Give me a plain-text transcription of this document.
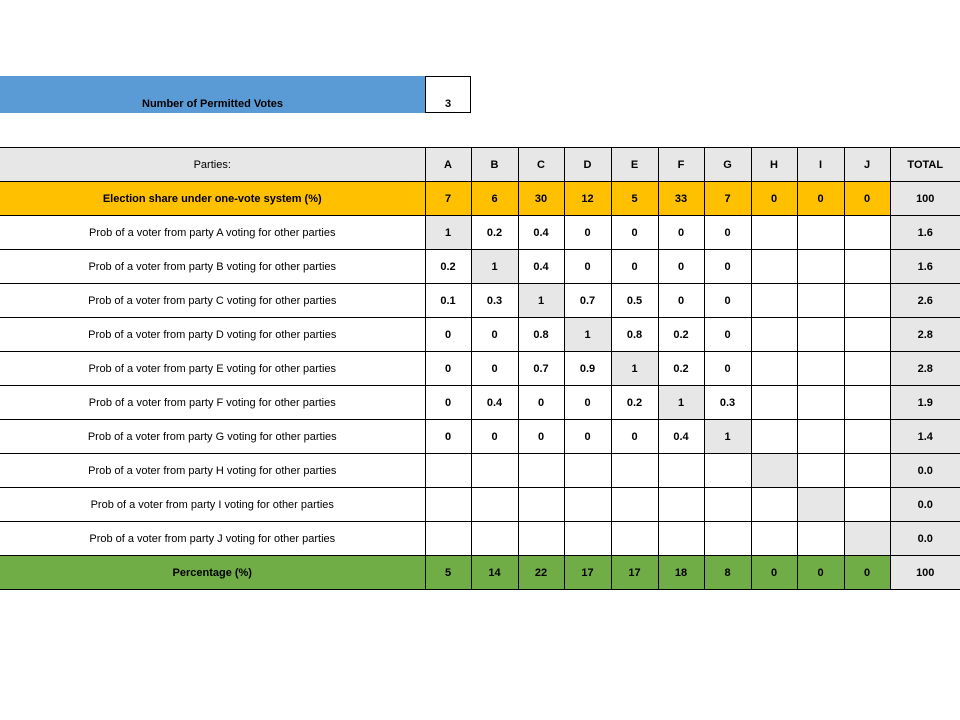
Number of Permitted Votes	3
Parties:	A	B	C	D	E	F	G	H	I	J	TOTAL
Election share under one-vote system (%)	7	6	30	12	5	33	7	0	0	0	100
Prob of a voter from party A voting for other parties	1	0.2	0.4	0	0	0	0				1.6
Prob of a voter from party B voting for other parties	0.2	1	0.4	0	0	0	0				1.6
Prob of a voter from party C voting for other parties	0.1	0.3	1	0.7	0.5	0	0				2.6
Prob of a voter from party D voting for other parties	0	0	0.8	1	0.8	0.2	0				2.8
Prob of a voter from party E voting for other parties	0	0	0.7	0.9	1	0.2	0				2.8
Prob of a voter from party F voting for other parties	0	0.4	0	0	0.2	1	0.3				1.9
Prob of a voter from party G voting for other parties	0	0	0	0	0	0.4	1				1.4
Prob of a voter from party H voting for other parties											0.0
Prob of a voter from party I voting for other parties											0.0
Prob of a voter from party J voting for other parties											0.0
Percentage (%)	5	14	22	17	17	18	8	0	0	0	100
